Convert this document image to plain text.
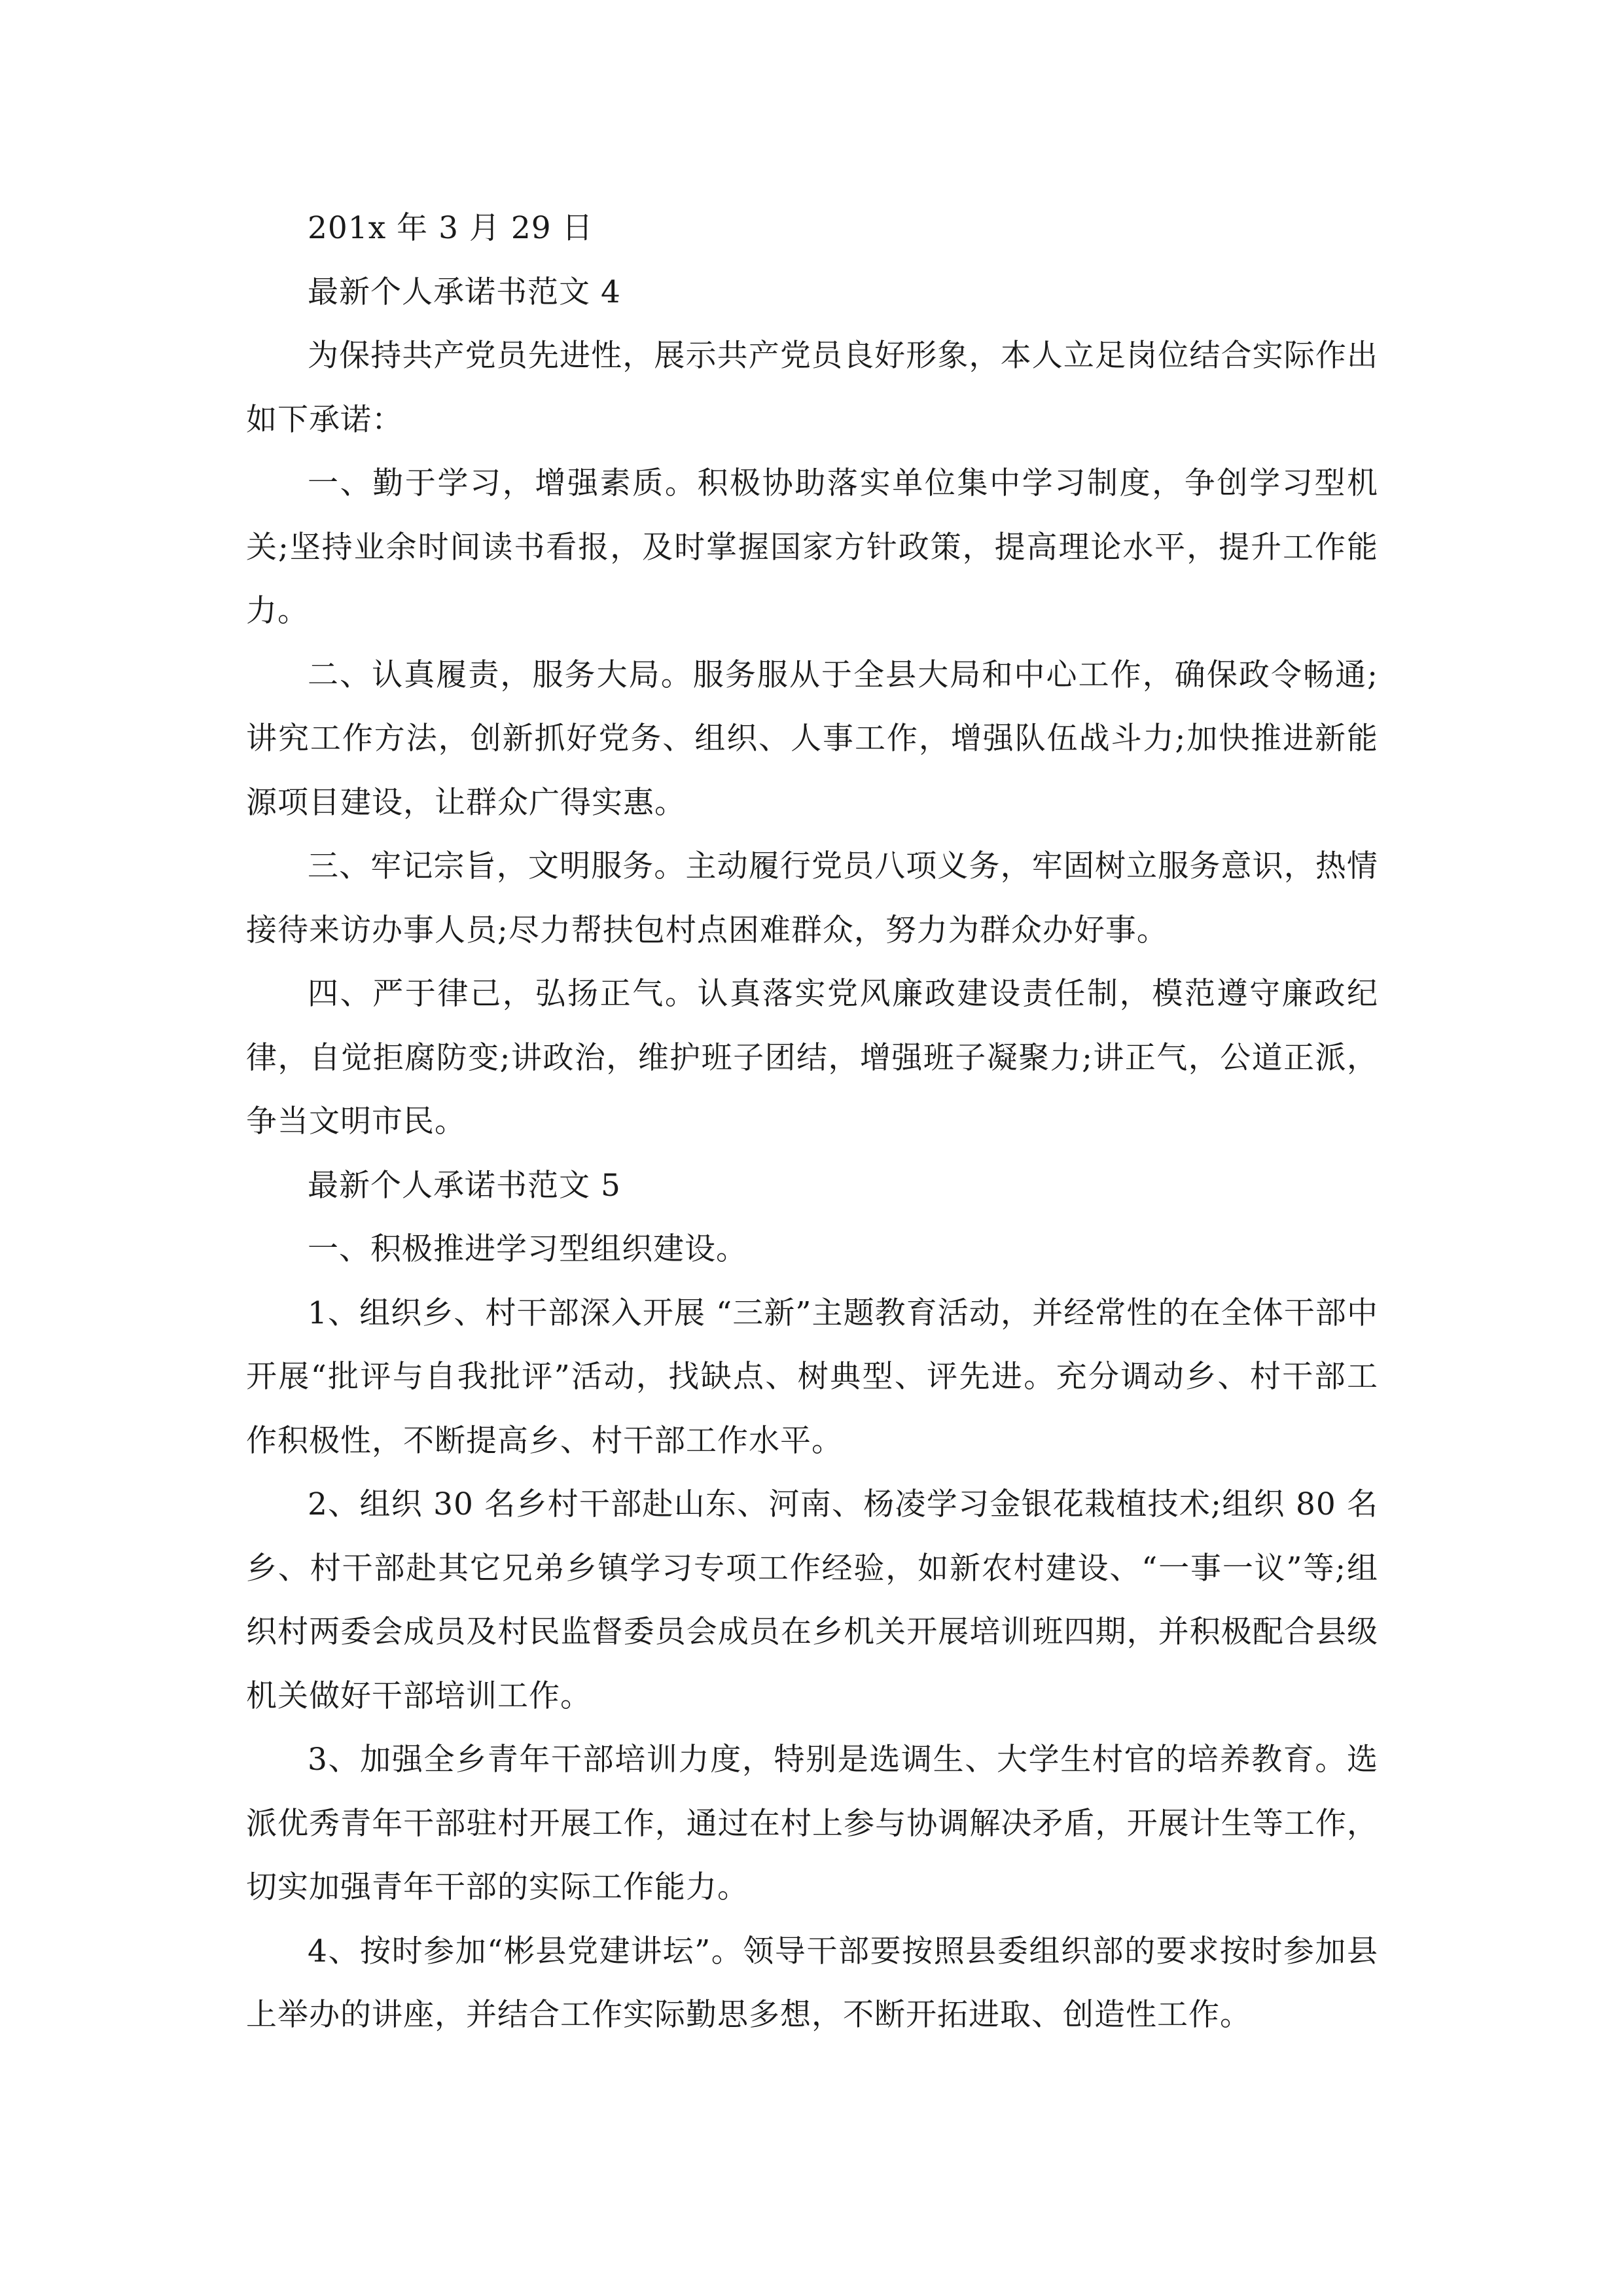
201x 年 3 月 29 日

最新个人承诺书范文 4

为保持共产党员先进性，展示共产党员良好形象，本人立足岗位结合实际作出如下承诺：

一、勤于学习，增强素质。积极协助落实单位集中学习制度，争创学习型机关;坚持业余时间读书看报，及时掌握国家方针政策，提高理论水平，提升工作能力。

二、认真履责，服务大局。服务服从于全县大局和中心工作，确保政令畅通;讲究工作方法，创新抓好党务、组织、人事工作，增强队伍战斗力;加快推进新能源项目建设，让群众广得实惠。

三、牢记宗旨，文明服务。主动履行党员八项义务，牢固树立服务意识，热情接待来访办事人员;尽力帮扶包村点困难群众，努力为群众办好事。

四、严于律己，弘扬正气。认真落实党风廉政建设责任制，模范遵守廉政纪律，自觉拒腐防变;讲政治，维护班子团结，增强班子凝聚力;讲正气，公道正派，争当文明市民。

最新个人承诺书范文 5

一、积极推进学习型组织建设。

1、组织乡、村干部深入开展 “三新”主题教育活动，并经常性的在全体干部中开展“批评与自我批评”活动，找缺点、树典型、评先进。充分调动乡、村干部工作积极性，不断提高乡、村干部工作水平。

2、组织 30 名乡村干部赴山东、河南、杨凌学习金银花栽植技术;组织 80 名乡、村干部赴其它兄弟乡镇学习专项工作经验，如新农村建设、“一事一议”等;组织村两委会成员及村民监督委员会成员在乡机关开展培训班四期，并积极配合县级机关做好干部培训工作。

3、加强全乡青年干部培训力度，特别是选调生、大学生村官的培养教育。选派优秀青年干部驻村开展工作，通过在村上参与协调解决矛盾，开展计生等工作，切实加强青年干部的实际工作能力。

4、按时参加“彬县党建讲坛”。领导干部要按照县委组织部的要求按时参加县上举办的讲座，并结合工作实际勤思多想，不断开拓进取、创造性工作。
